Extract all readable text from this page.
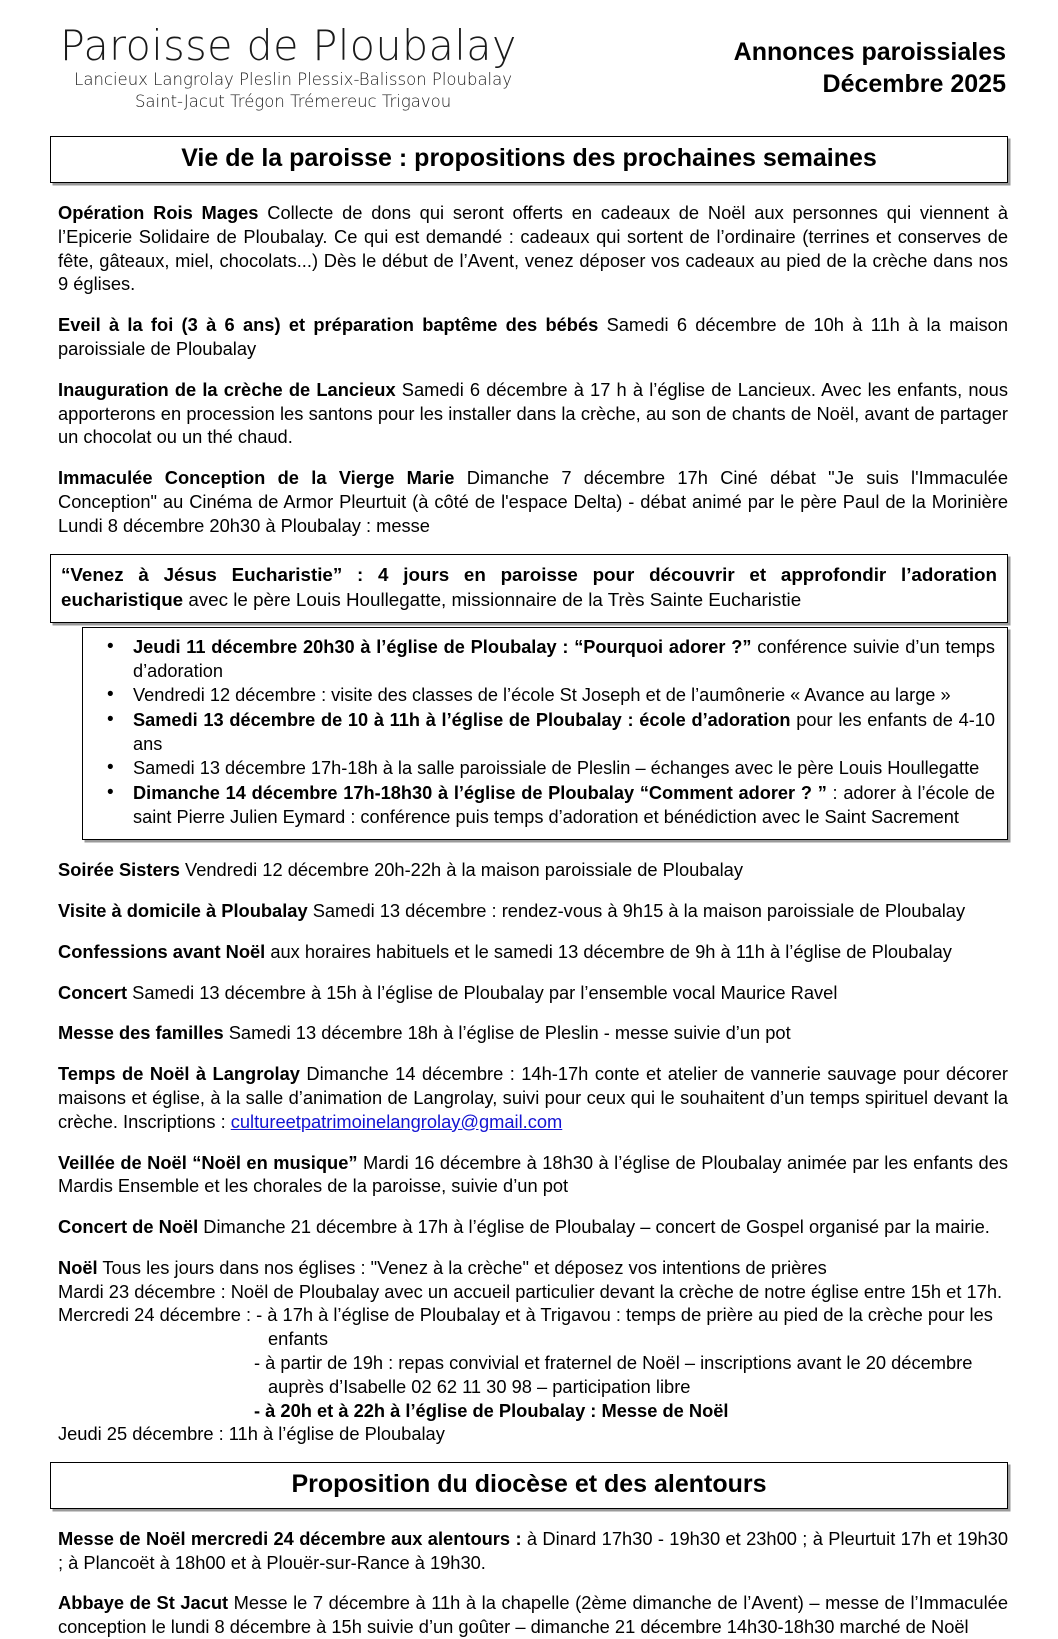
Paroisse de Ploubalay
Lancieux Langrolay Pleslin Plessix-Balisson Ploubalay
Saint-Jacut Trégon Trémereuc Trigavou
Annonces paroissiales
Décembre 2025
Vie de la paroisse : propositions des prochaines semaines

Opération Rois Mages Collecte de dons qui seront offerts en cadeaux de Noël aux personnes qui viennent à l’Epicerie Solidaire de Ploubalay. Ce qui est demandé : cadeaux qui sortent de l’ordinaire (terrines et conserves de fête, gâteaux, miel, chocolats...) Dès le début de l’Avent, venez déposer vos cadeaux au pied de la crèche dans nos 9 églises.

Eveil à la foi (3 à 6 ans) et préparation baptême des bébés Samedi 6 décembre de 10h à 11h à la maison paroissiale de Ploubalay

Inauguration de la crèche de Lancieux Samedi 6 décembre à 17 h à l’église de Lancieux. Avec les enfants, nous apporterons en procession les santons pour les installer dans la crèche, au son de chants de Noël, avant de partager un chocolat ou un thé chaud.

Immaculée Conception de la Vierge Marie Dimanche 7 décembre 17h Ciné débat "Je suis l'Immaculée Conception" au Cinéma de Armor Pleurtuit (à côté de l'espace Delta) - débat animé par le père Paul de la Morinière Lundi 8 décembre 20h30 à Ploubalay : messe

“Venez à Jésus Eucharistie” : 4 jours en paroisse pour découvrir et approfondir l’adoration eucharistique avec le père Louis Houllegatte, missionnaire de la Très Sainte Eucharistie
• Jeudi 11 décembre 20h30 à l’église de Ploubalay : “Pourquoi adorer ?” conférence suivie d’un temps d’adoration
• Vendredi 12 décembre : visite des classes de l’école St Joseph et de l’aumônerie « Avance au large »
• Samedi 13 décembre de 10 à 11h à l’église de Ploubalay : école d’adoration pour les enfants de 4-10 ans
• Samedi 13 décembre 17h-18h à la salle paroissiale de Pleslin – échanges avec le père Louis Houllegatte
• Dimanche 14 décembre 17h-18h30 à l’église de Ploubalay “Comment adorer ? ” : adorer à l’école de saint Pierre Julien Eymard : conférence puis temps d’adoration et bénédiction avec le Saint Sacrement

Soirée Sisters Vendredi 12 décembre 20h-22h à la maison paroissiale de Ploubalay

Visite à domicile à Ploubalay Samedi 13 décembre : rendez-vous à 9h15 à la maison paroissiale de Ploubalay

Confessions avant Noël aux horaires habituels et le samedi 13 décembre de 9h à 11h à l’église de Ploubalay

Concert Samedi 13 décembre à 15h à l’église de Ploubalay par l’ensemble vocal Maurice Ravel

Messe des familles Samedi 13 décembre 18h à l’église de Pleslin - messe suivie d’un pot

Temps de Noël à Langrolay Dimanche 14 décembre : 14h-17h conte et atelier de vannerie sauvage pour décorer maisons et église, à la salle d’animation de Langrolay, suivi pour ceux qui le souhaitent d’un temps spirituel devant la crèche. Inscriptions : cultureetpatrimoinelangrolay@gmail.com

Veillée de Noël “Noël en musique” Mardi 16 décembre à 18h30 à l’église de Ploubalay animée par les enfants des Mardis Ensemble et les chorales de la paroisse, suivie d’un pot

Concert de Noël Dimanche 21 décembre à 17h à l’église de Ploubalay – concert de Gospel organisé par la mairie.

Noël Tous les jours dans nos églises : "Venez à la crèche" et déposez vos intentions de prières
Mardi 23 décembre : Noël de Ploubalay avec un accueil particulier devant la crèche de notre église entre 15h et 17h.
Mercredi 24 décembre : - à 17h à l’église de Ploubalay et à Trigavou : temps de prière au pied de la crèche pour les
enfants
- à partir de 19h : repas convivial et fraternel de Noël – inscriptions avant le 20 décembre
auprès d’Isabelle 02 62 11 30 98 – participation libre
- à 20h et à 22h à l’église de Ploubalay : Messe de Noël
Jeudi 25 décembre : 11h à l’église de Ploubalay
Proposition du diocèse et des alentours

Messe de Noël mercredi 24 décembre aux alentours : à Dinard 17h30 - 19h30 et 23h00 ; à Pleurtuit 17h et 19h30 ; à Plancoët à 18h00 et à Plouër-sur-Rance à 19h30.

Abbaye de St Jacut Messe le 7 décembre à 11h à la chapelle (2ème dimanche de l’Avent) – messe de l’Immaculée conception le lundi 8 décembre à 15h suivie d’un goûter – dimanche 21 décembre 14h30-18h30 marché de Noël
